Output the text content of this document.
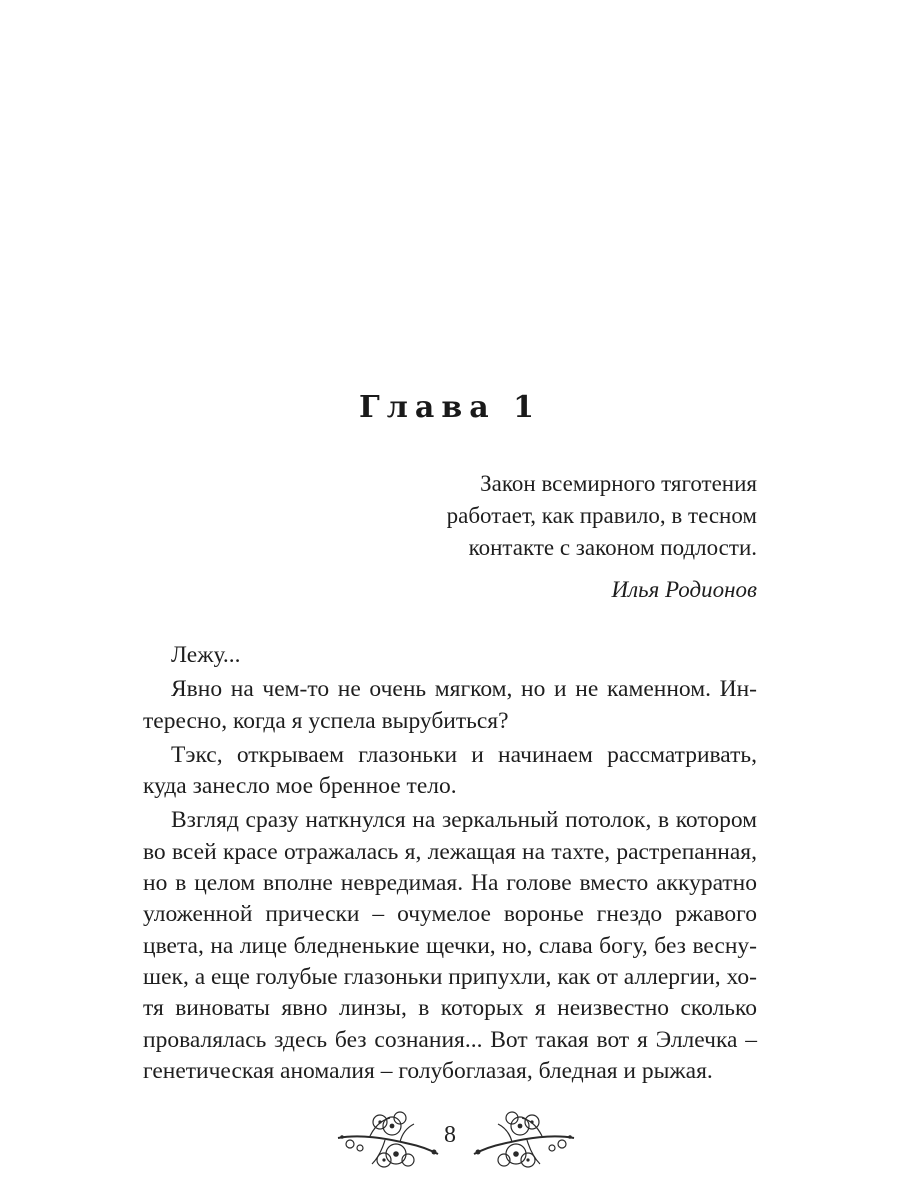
Глава 1
Закон всемирного тяготения
работает, как правило, в тесном
контакте с законом подлости.
Илья Родионов
Лежу...
Явно на чем-то не очень мягком, но и не каменном. Ин-
тересно, когда я успела вырубиться?
Тэкс, открываем глазоньки и начинаем рассматривать,
куда занесло мое бренное тело.
Взгляд сразу наткнулся на зеркальный потолок, в котором
во всей красе отражалась я, лежащая на тахте, растрепанная,
но в целом вполне невредимая. На голове вместо аккуратно
уложенной прически – очумелое воронье гнездо ржавого
цвета, на лице бледненькие щечки, но, слава богу, без весну-
шек, а еще голубые глазоньки припухли, как от аллергии, хо-
тя виноваты явно линзы, в которых я неизвестно сколько
провалялась здесь без сознания... Вот такая вот я Эллечка –
генетическая аномалия – голубоглазая, бледная и рыжая.
8
